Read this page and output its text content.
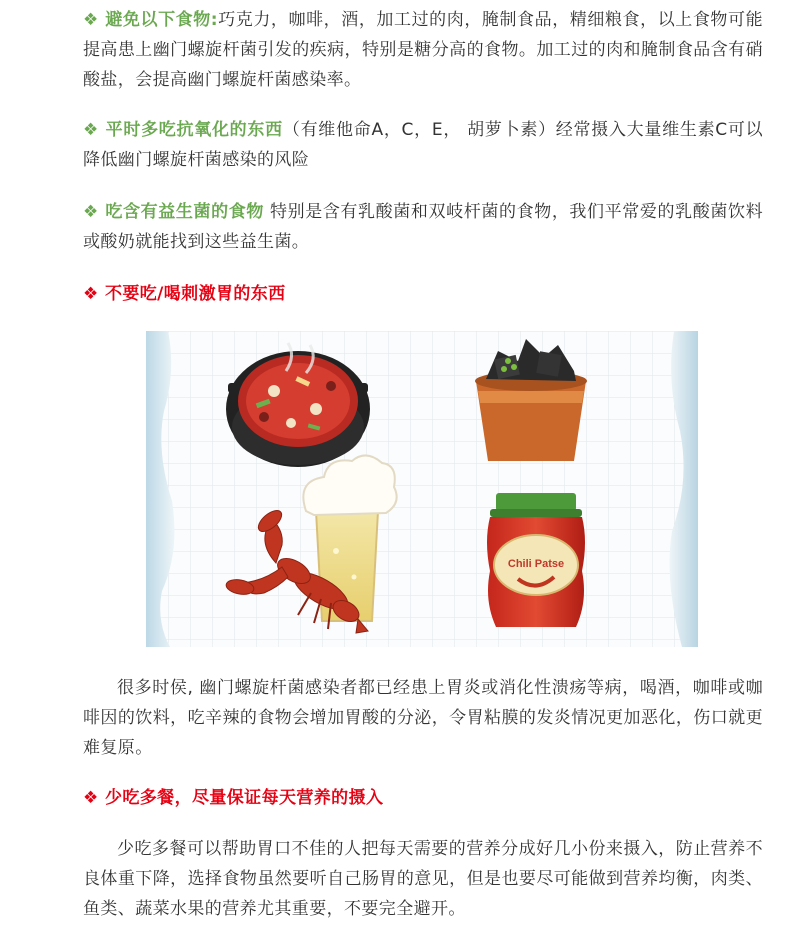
❖ 避免以下食物:巧克力，咖啡，酒，加工过的肉，腌制食品，精细粮食，以上食物可能提高患上幽门螺旋杆菌引发的疾病，特别是糖分高的食物。加工过的肉和腌制食品含有硝酸盐，会提高幽门螺旋杆菌感染率。

❖ 平时多吃抗氧化的东西（有维他命A，C，E， 胡萝卜素）经常摄入大量维生素C可以降低幽门螺旋杆菌感染的风险

❖ 吃含有益生菌的食物 特别是含有乳酸菌和双岐杆菌的食物，我们平常爱的乳酸菌饮料或酸奶就能找到这些益生菌。

❖ 不要吃/喝刺激胃的东西

很多时侯, 幽门螺旋杆菌感染者都已经患上胃炎或消化性溃疡等病，喝酒，咖啡或咖啡因的饮料，吃辛辣的食物会增加胃酸的分泌，令胃粘膜的发炎情况更加恶化，伤口就更难复原。

❖ 少吃多餐，尽量保证每天营养的摄入

少吃多餐可以帮助胃口不佳的人把每天需要的营养分成好几小份来摄入，防止营养不良体重下降，选择食物虽然要听自己肠胃的意见，但是也要尽可能做到营养均衡，肉类、鱼类、蔬菜水果的营养尤其重要，不要完全避开。

Chili Patse
